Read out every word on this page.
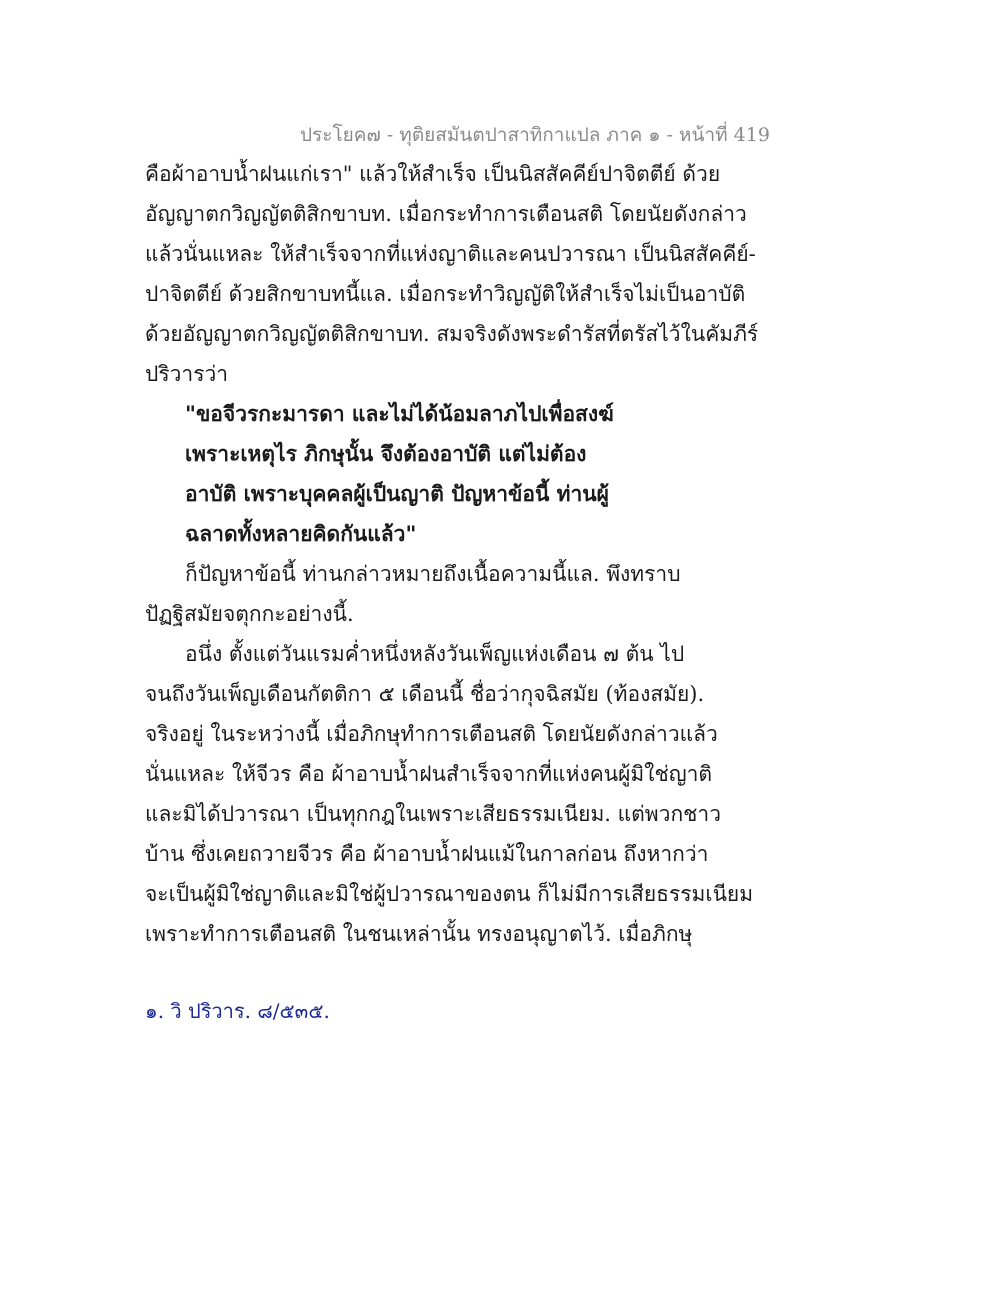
ประโยค๗ - ทุติยสมันตปาสาทิกาแปล ภาค ๑ - หน้าที่ 419
คือผ้าอาบน้ำฝนแก่เรา" แล้วให้สำเร็จ เป็นนิสสัคคีย์ปาจิตตีย์ ด้วย
อัญญาตกวิญญัตติสิกขาบท. เมื่อกระทำการเตือนสติ โดยนัยดังกล่าว
แล้วนั่นแหละ ให้สำเร็จจากที่แห่งญาติและคนปวารณา เป็นนิสสัคคีย์-
ปาจิตตีย์ ด้วยสิกขาบทนี้แล. เมื่อกระทำวิญญัติให้สำเร็จไม่เป็นอาบัติ
ด้วยอัญญาตกวิญญัตติสิกขาบท. สมจริงดังพระดำรัสที่ตรัสไว้ในคัมภีร์
ปริวารว่า
"ขอจีวรกะมารดา และไม่ได้น้อมลาภไปเพื่อสงฆ์
เพราะเหตุไร ภิกษุนั้น จึงต้องอาบัติ แต่ไม่ต้อง
อาบัติ เพราะบุคคลผู้เป็นญาติ ปัญหาข้อนี้ ท่านผู้
ฉลาดทั้งหลายคิดกันแล้ว"
ก็ปัญหาข้อนี้ ท่านกล่าวหมายถึงเนื้อความนี้แล. พึงทราบ
ปัฏฐิสมัยจตุกกะอย่างนี้.
อนึ่ง ตั้งแต่วันแรมค่ำหนึ่งหลังวันเพ็ญแห่งเดือน ๗ ต้น ไป
จนถึงวันเพ็ญเดือนกัตติกา ๕ เดือนนี้ ชื่อว่ากุจฉิสมัย (ท้องสมัย).
จริงอยู่ ในระหว่างนี้ เมื่อภิกษุทำการเตือนสติ โดยนัยดังกล่าวแล้ว
นั่นแหละ ให้จีวร คือ ผ้าอาบน้ำฝนสำเร็จจากที่แห่งคนผู้มิใช่ญาติ
และมิได้ปวารณา เป็นทุกกฎในเพราะเสียธรรมเนียม. แต่พวกชาว
บ้าน ซึ่งเคยถวายจีวร คือ ผ้าอาบน้ำฝนแม้ในกาลก่อน ถึงหากว่า
จะเป็นผู้มิใช่ญาติและมิใช่ผู้ปวารณาของตน ก็ไม่มีการเสียธรรมเนียม
เพราะทำการเตือนสติ ในชนเหล่านั้น ทรงอนุญาตไว้. เมื่อภิกษุ
๑. วิ ปริวาร. ๘/๕๓๕.
